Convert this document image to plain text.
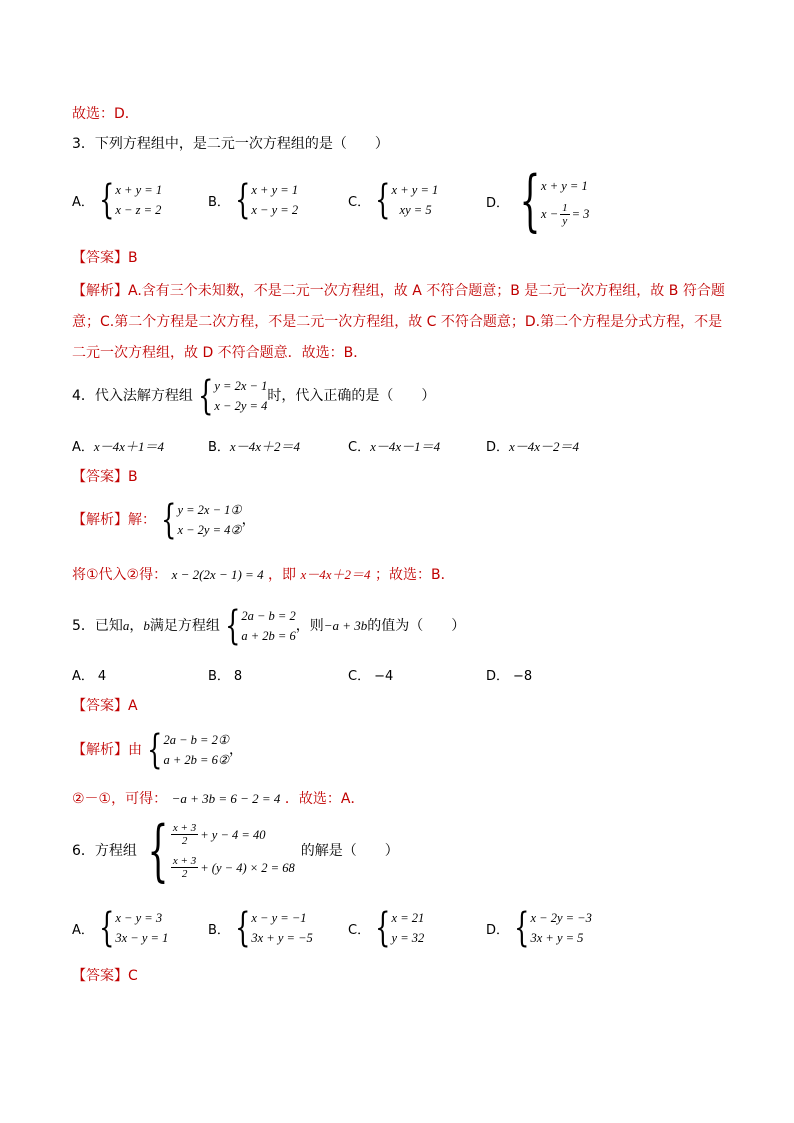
故选：D．
3．下列方程组中，是二元一次方程组的是（　　）
A． { x + y = 1
x − z = 2
B． { x + y = 1
x − y = 2
C． { x + y = 1
xy = 5	D． { x + y = 1
$x - \frac{1}{y} = 3$
【答案】B
【解析】A.含有三个未知数，不是二元一次方程组，故 A 不符合题意；B 是二元一次方程组，故 B 符合题
意；C.第二个方程是二次方程，不是二元一次方程组，故 C 不符合题意；D.第二个方程是分式方程，不是
二元一次方程组，故 D 不符合题意．故选：B．
4．代入法解方程组 { y = 2x − 1
x − 2y = 4
时，代入正确的是（　　）
A．x－4x＋1＝4	B．x－4x＋2＝4	C．x－4x－1＝4	D．x－4x－2＝4
【答案】B
【解析】解： { y = 2x − 1①
x − 2y = 4②
，
将①代入②得： x − 2(2x − 1) = 4 ，即 x－4x＋2＝4 ；故选：B．
5．已知 a ， b 满足方程组 { 2a − b = 2
a + 2b = 6
，则 −a + 3b 的值为（　　）
A． 4	B． 8	C． −4	D． −8
【答案】A
【解析】由 { 2a − b = 2①
a + 2b = 6②
，
②－①，可得： −a + 3b = 6 − 2 = 4 ．故选：A．
6．方程组 { $\frac{x + 3}{2} + y - 4 = 40$
$\frac{x + 3}{2} + (y - 4) \times 2 = 68$
的解是（　　）
A． { x − y = 3
3x − y = 1
B． { x − y = −1
3x + y = −5
C． { x = 21
y = 32
D． { x − 2y = −3
3x + y = 5
【答案】C
